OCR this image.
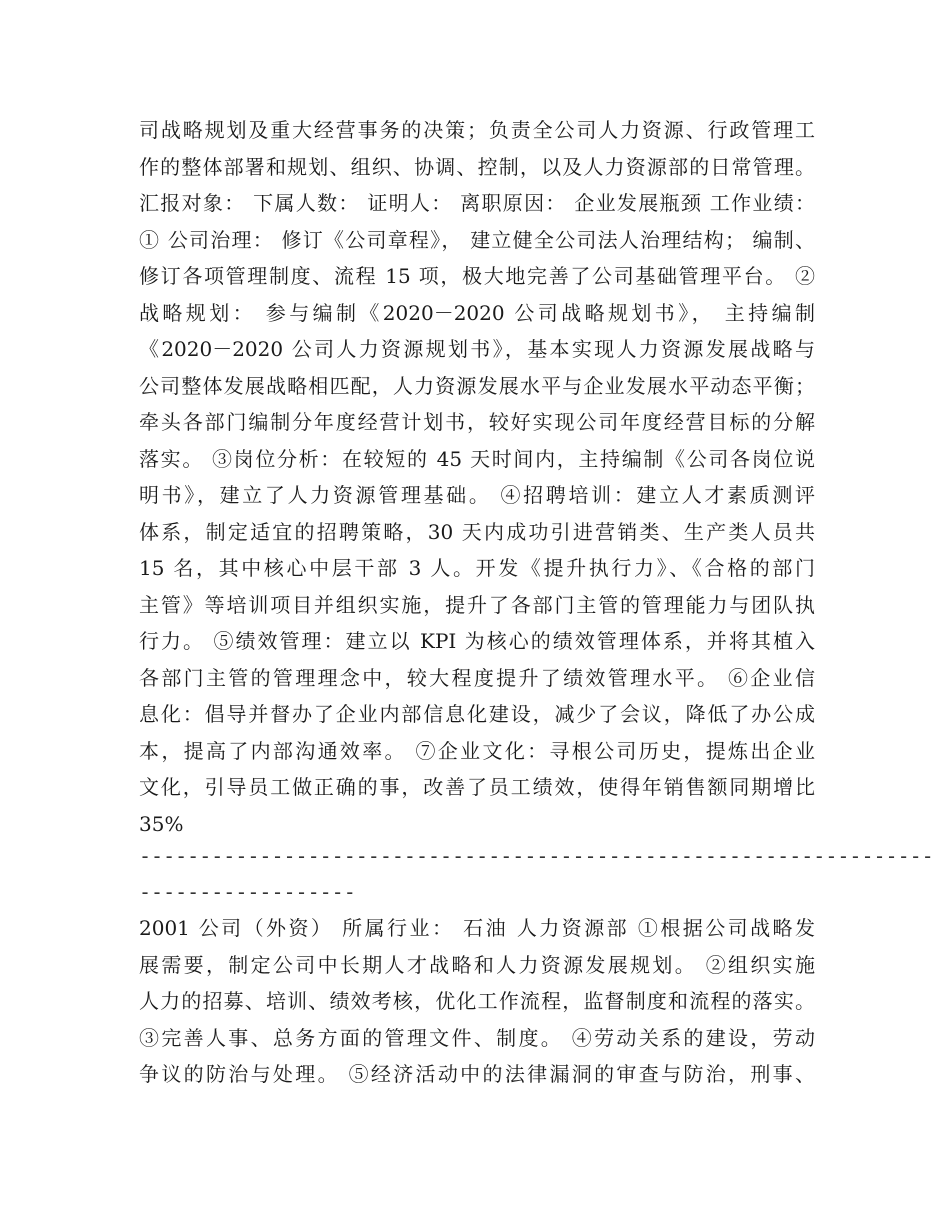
司战略规划及重大经营事务的决策；负责全公司人力资源、行政管理工
作的整体部署和规划、组织、协调、控制，以及人力资源部的日常管理。
汇报对象： 下属人数： 证明人： 离职原因： 企业发展瓶颈 工作业绩：
① 公司治理： 修订《公司章程》， 建立健全公司法人治理结构； 编制、
修订各项管理制度、流程 15 项，极大地完善了公司基础管理平台。 ②
战略规划： 参与编制《2020－2020 公司战略规划书》， 主持编制
《2020－2020 公司人力资源规划书》，基本实现人力资源发展战略与
公司整体发展战略相匹配，人力资源发展水平与企业发展水平动态平衡；
牵头各部门编制分年度经营计划书，较好实现公司年度经营目标的分解
落实。 ③岗位分析：在较短的 45 天时间内，主持编制《公司各岗位说
明书》，建立了人力资源管理基础。 ④招聘培训：建立人才素质测评
体系，制定适宜的招聘策略，30 天内成功引进营销类、生产类人员共
15 名，其中核心中层干部 3 人。开发《提升执行力》、《合格的部门
主管》等培训项目并组织实施，提升了各部门主管的管理能力与团队执
行力。 ⑤绩效管理：建立以 KPI 为核心的绩效管理体系，并将其植入
各部门主管的管理理念中，较大程度提升了绩效管理水平。 ⑥企业信
息化：倡导并督办了企业内部信息化建设，减少了会议，降低了办公成
本，提高了内部沟通效率。 ⑦企业文化：寻根公司历史，提炼出企业
文化，引导员工做正确的事，改善了员工绩效，使得年销售额同期增比
35%
------------------------------------------------------------------
------------------
2001 公司（外资） 所属行业： 石油 人力资源部 ①根据公司战略发
展需要，制定公司中长期人才战略和人力资源发展规划。 ②组织实施
人力的招募、培训、绩效考核，优化工作流程，监督制度和流程的落实。
③完善人事、总务方面的管理文件、制度。 ④劳动关系的建设，劳动
争议的防治与处理。 ⑤经济活动中的法律漏洞的审查与防治，刑事、
